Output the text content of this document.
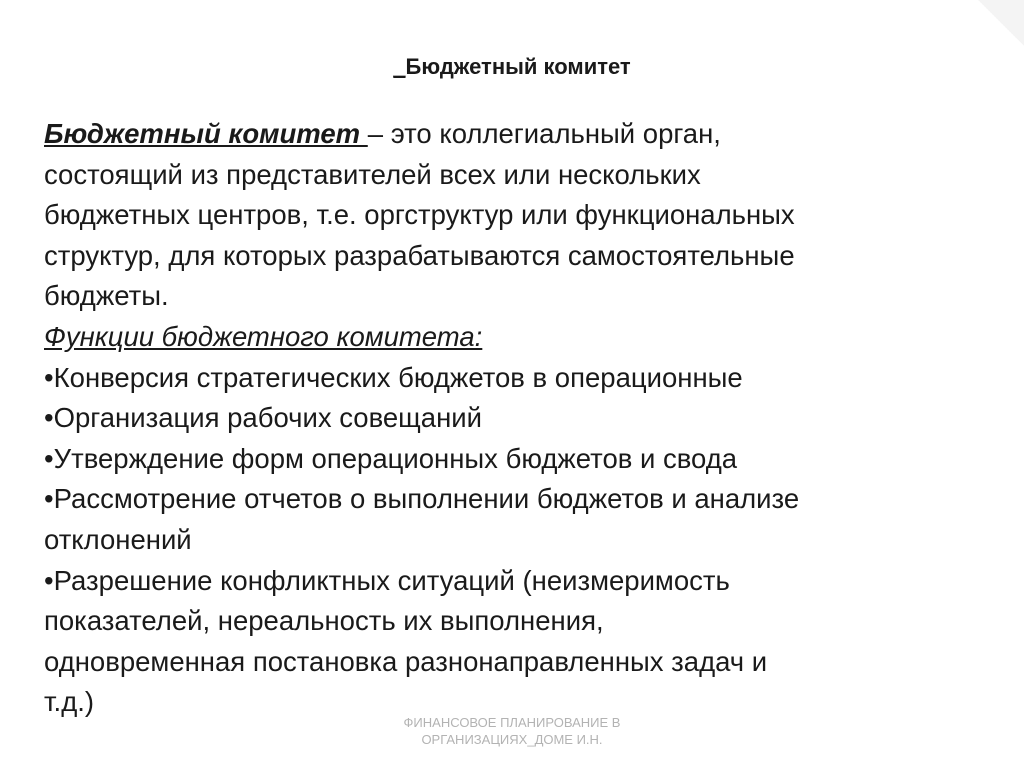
_Бюджетный комитет
Бюджетный комитет – это коллегиальный орган,
состоящий из представителей всех или нескольких
бюджетных центров, т.е. оргструктур или функциональных
структур, для которых разрабатываются самостоятельные
бюджеты.
Функции бюджетного комитета:
•Конверсия стратегических бюджетов в операционные
•Организация рабочих совещаний
•Утверждение форм операционных бюджетов и свода
•Рассмотрение отчетов о выполнении бюджетов и анализе
отклонений
•Разрешение конфликтных ситуаций (неизмеримость
показателей, нереальность их выполнения,
одновременная постановка разнонаправленных задач и
т.д.)
ФИНАНСОВОЕ ПЛАНИРОВАНИЕ В
ОРГАНИЗАЦИЯХ_ДОМЕ И.Н.
